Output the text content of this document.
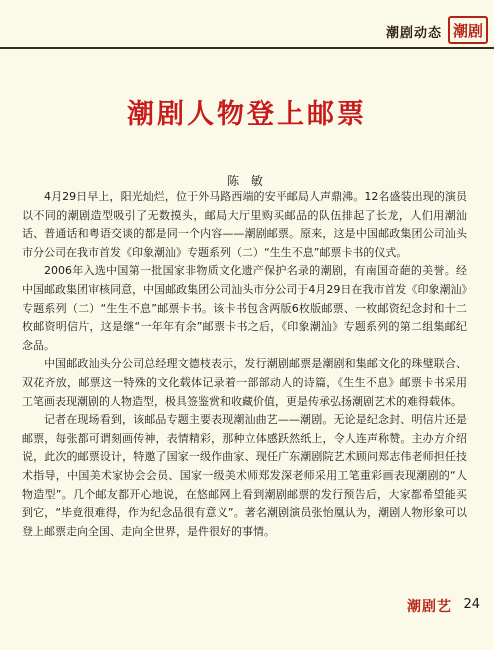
潮剧动态 潮剧
潮剧人物登上邮票
陈 敏

4月29日早上，阳光灿烂，位于外马路西端的安平邮局人声鼎沸。12名盛装出现的演员以不同的潮剧造型吸引了无数摸头，邮局大厅里购买邮品的队伍排起了长龙，人们用潮汕话、普通话和粤语交谈的都是同一个内容——潮剧邮票。原来，这是中国邮政集团公司汕头市分公司在我市首发《印象潮汕》专题系列（二）“生生不息”邮票卡书的仪式。

2006年入选中国第一批国家非物质文化遗产保护名录的潮剧，有南国奇葩的美誉。经中国邮政集团审核同意，中国邮政集团公司汕头市分公司于4月29日在我市首发《印象潮汕》专题系列（二）“生生不息”邮票卡书。该卡书包含两版6枚版邮票、一枚邮资纪念封和十二枚邮资明信片，这是继“一年年有余”邮票卡书之后，《印象潮汕》专题系列的第二组集邮纪念品。

中国邮政汕头分公司总经理文德枝表示，发行潮剧邮票是潮剧和集邮文化的珠璧联合、双花齐放，邮票这一特殊的文化载体记录着一部部动人的诗篇，《生生不息》邮票卡书采用工笔画表现潮剧的人物造型，极具签鉴赏和收藏价值，更是传承弘扬潮剧艺术的难得载体。

记者在现场看到，该邮品专题主要表现潮汕曲艺——潮剧。无论是纪念封、明信片还是邮票，每张都可谓刻画传神，表情精彩，那种立体感跃然纸上，令人连声称赞。主办方介绍说，此次的邮票设计，特邀了国家一级作曲家、现任广东潮剧院艺术顾问郑志伟老师担任技术指导，中国美术家协会会员、国家一级美术师郑发深老师采用工笔重彩画表现潮剧的“人物造型”。几个邮友都开心地说，在悠邮网上看到潮剧邮票的发行预告后，大家都希望能买到它，“毕竟很难得，作为纪念品很有意义”。著名潮剧演员张怡凰认为，潮剧人物形象可以登上邮票走向全国、走向全世界，是件很好的事情。

潮剧艺 24
